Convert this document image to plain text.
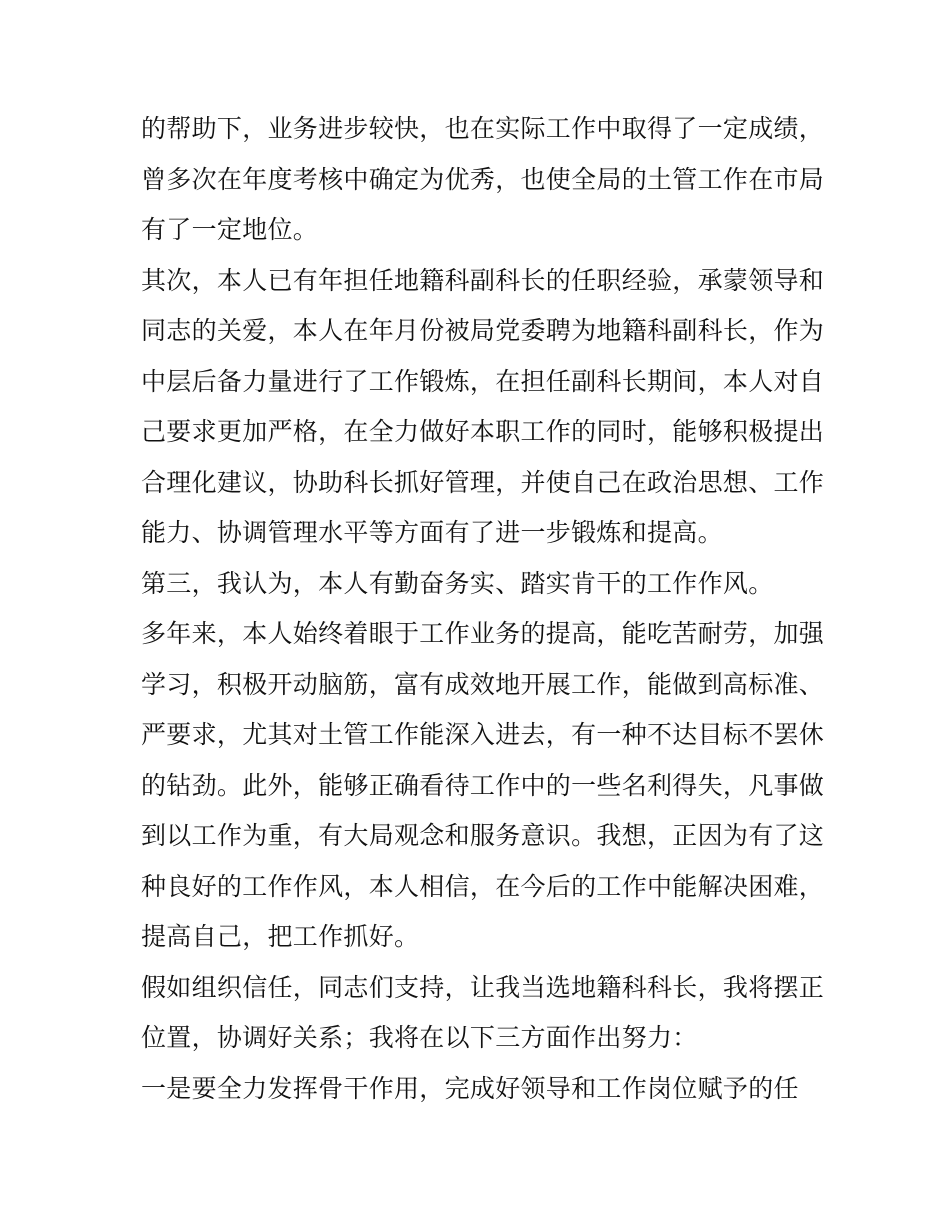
的帮助下，业务进步较快，也在实际工作中取得了一定成绩，
曾多次在年度考核中确定为优秀，也使全局的土管工作在市局
有了一定地位。
其次，本人已有年担任地籍科副科长的任职经验，承蒙领导和
同志的关爱，本人在年月份被局党委聘为地籍科副科长，作为
中层后备力量进行了工作锻炼，在担任副科长期间，本人对自
己要求更加严格，在全力做好本职工作的同时，能够积极提出
合理化建议，协助科长抓好管理，并使自己在政治思想、工作
能力、协调管理水平等方面有了进一步锻炼和提高。
第三，我认为，本人有勤奋务实、踏实肯干的工作作风。
多年来，本人始终着眼于工作业务的提高，能吃苦耐劳，加强
学习，积极开动脑筋，富有成效地开展工作，能做到高标准、
严要求，尤其对土管工作能深入进去，有一种不达目标不罢休
的钻劲。此外，能够正确看待工作中的一些名利得失，凡事做
到以工作为重，有大局观念和服务意识。我想，正因为有了这
种良好的工作作风，本人相信，在今后的工作中能解决困难，
提高自己，把工作抓好。
假如组织信任，同志们支持，让我当选地籍科科长，我将摆正
位置，协调好关系；我将在以下三方面作出努力：
一是要全力发挥骨干作用，完成好领导和工作岗位赋予的任
